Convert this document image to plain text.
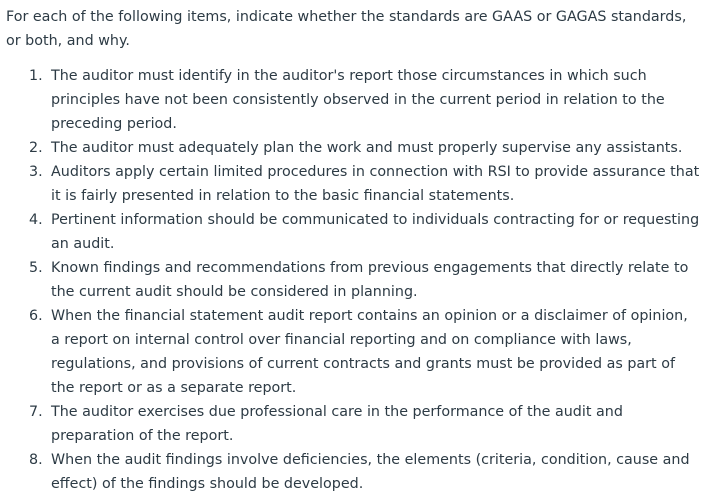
For each of the following items, indicate whether the standards are GAAS or GAGAS standards, or both, and why.

1. The auditor must identify in the auditor's report those circumstances in which such principles have not been consistently observed in the current period in relation to the preceding period.
2. The auditor must adequately plan the work and must properly supervise any assistants.
3. Auditors apply certain limited procedures in connection with RSI to provide assurance that it is fairly presented in relation to the basic financial statements.
4. Pertinent information should be communicated to individuals contracting for or requesting an audit.
5. Known findings and recommendations from previous engagements that directly relate to the current audit should be considered in planning.
6. When the financial statement audit report contains an opinion or a disclaimer of opinion, a report on internal control over financial reporting and on compliance with laws, regulations, and provisions of current contracts and grants must be provided as part of the report or as a separate report.
7. The auditor exercises due professional care in the performance of the audit and preparation of the report.
8. When the audit findings involve deficiencies, the elements (criteria, condition, cause and effect) of the findings should be developed.
